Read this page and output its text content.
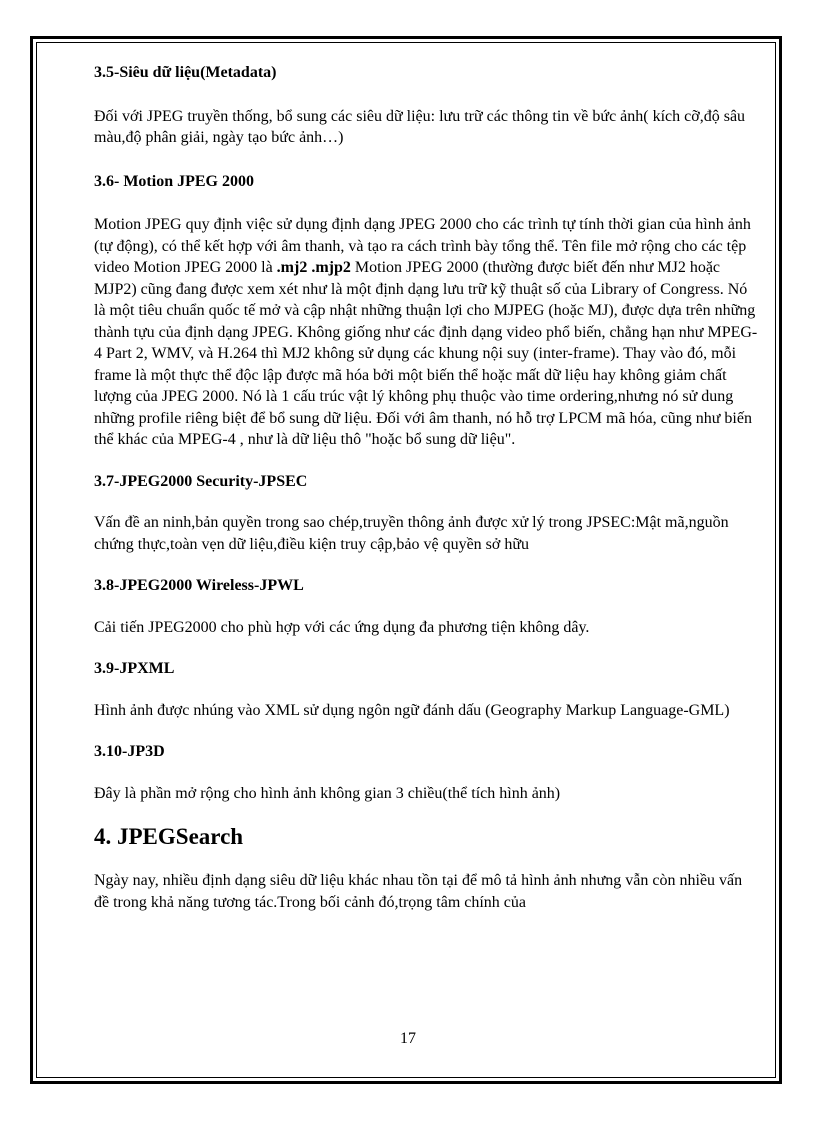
3.5-Siêu dữ liệu(Metadata)

Đối với JPEG truyền thống, bổ sung các siêu dữ liệu: lưu trữ các thông tin về bức ảnh( kích cỡ,độ sâu màu,độ phân giải, ngày tạo bức ảnh…)

3.6- Motion JPEG 2000

Motion JPEG quy định việc sử dụng định dạng JPEG 2000 cho các trình tự tính thời gian của hình ảnh (tự động), có thể kết hợp với âm thanh, và tạo ra cách trình bày tổng thể. Tên file mở rộng cho các tệp video Motion JPEG 2000 là .mj2 .mjp2 Motion JPEG 2000 (thường được biết đến như MJ2 hoặc MJP2) cũng đang được xem xét như là một định dạng lưu trữ kỹ thuật số của Library of Congress. Nó là một tiêu chuẩn quốc tế mở và cập nhật những thuận lợi cho MJPEG (hoặc MJ), được dựa trên những thành tựu của định dạng JPEG. Không giống như các định dạng video phổ biến, chẳng hạn như MPEG-4 Part 2, WMV, và H.264 thì MJ2 không sử dụng các khung nội suy (inter-frame). Thay vào đó, mỗi frame là một thực thể độc lập được mã hóa bởi một biến thể hoặc mất dữ liệu hay không giảm chất lượng của JPEG 2000. Nó là 1 cấu trúc vật lý không phụ thuộc vào time ordering,nhưng nó sử dung những profile riêng biệt để bổ sung dữ liệu. Đối với âm thanh, nó hỗ trợ LPCM mã hóa, cũng như biến thể khác của MPEG-4 , như là dữ liệu thô "hoặc bổ sung dữ liệu".

3.7-JPEG2000 Security-JPSEC

Vấn đề an ninh,bản quyền trong sao chép,truyền thông ảnh được xử lý trong JPSEC:Mật mã,nguồn chứng thực,toàn vẹn dữ liệu,điều kiện truy cập,bảo vệ quyền sở hữu

3.8-JPEG2000 Wireless-JPWL

Cải tiến JPEG2000 cho phù hợp với các ứng dụng đa phương tiện không dây.

3.9-JPXML

Hình ảnh được nhúng vào XML sử dụng ngôn ngữ đánh dấu (Geography Markup Language-GML)

3.10-JP3D

Đây là phần mở rộng cho hình ảnh không gian 3 chiều(thể tích hình ảnh)

4. JPEGSearch

Ngày nay, nhiều định dạng siêu dữ liệu khác nhau tồn tại để mô tả hình ảnh nhưng vẫn còn nhiều vấn đề trong khả năng tương tác.Trong bối cảnh đó,trọng tâm chính của

17
